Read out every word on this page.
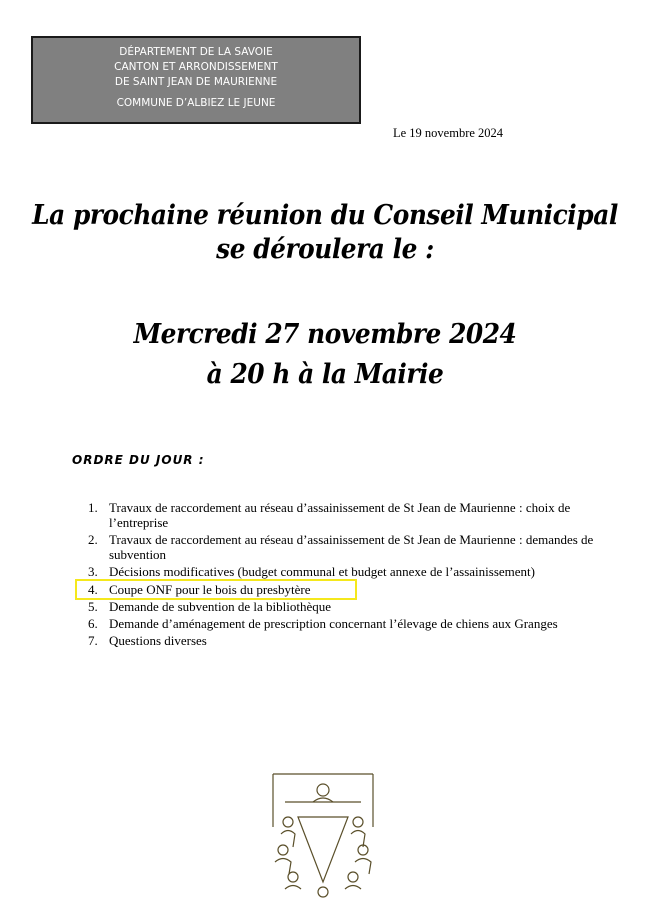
DÉPARTEMENT DE LA SAVOIE
CANTON ET ARRONDISSEMENT
DE SAINT JEAN DE MAURIENNE
COMMUNE D’ALBIEZ LE JEUNE
Le 19 novembre 2024
La prochaine réunion du Conseil Municipal
se déroulera le :
Mercredi 27 novembre 2024
à 20 h à la Mairie
ORDRE DU JOUR :
1. Travaux de raccordement au réseau d’assainissement de St Jean de Maurienne : choix de l’entreprise
2. Travaux de raccordement au réseau d’assainissement de St Jean de Maurienne : demandes de subvention
3. Décisions modificatives (budget communal et budget annexe de l’assainissement)
4. Coupe ONF pour le bois du presbytère
5. Demande de subvention de la bibliothèque
6. Demande d’aménagement de prescription concernant l’élevage de chiens aux Granges
7. Questions diverses
